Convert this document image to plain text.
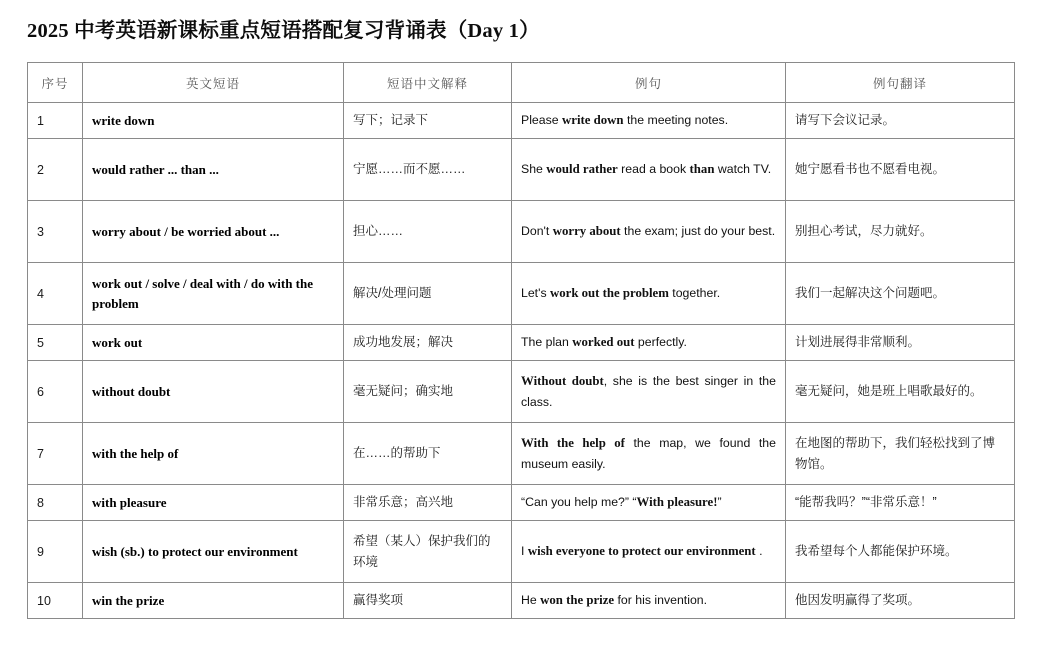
2025 中考英语新课标重点短语搭配复习背诵表（Day 1）
序号	英文短语	短语中文解释	例句	例句翻译
1	write down	写下；记录下	Please write down the meeting notes.	请写下会议记录。
2	would rather ... than ...	宁愿……而不愿……	She would rather read a book than watch TV.	她宁愿看书也不愿看电视。
3	worry about / be worried about ...	担心……	Don't worry about the exam; just do your best.	别担心考试，尽力就好。
4	work out / solve / deal with / do with the problem	解决/处理问题	Let's work out the problem together.	我们一起解决这个问题吧。
5	work out	成功地发展；解决	The plan worked out perfectly.	计划进展得非常顺利。
6	without doubt	毫无疑问；确实地	Without doubt, she is the best singer in the class.	毫无疑问，她是班上唱歌最好的。
7	with the help of	在……的帮助下	With the help of the map, we found the museum easily.	在地图的帮助下，我们轻松找到了博物馆。
8	with pleasure	非常乐意；高兴地	“Can you help me?” “With pleasure!”	“能帮我吗？”“非常乐意！”
9	wish (sb.) to protect our environment	希望（某人）保护我们的环境	I wish everyone to protect our environment .	我希望每个人都能保护环境。
10	win the prize	赢得奖项	He won the prize for his invention.	他因发明赢得了奖项。
